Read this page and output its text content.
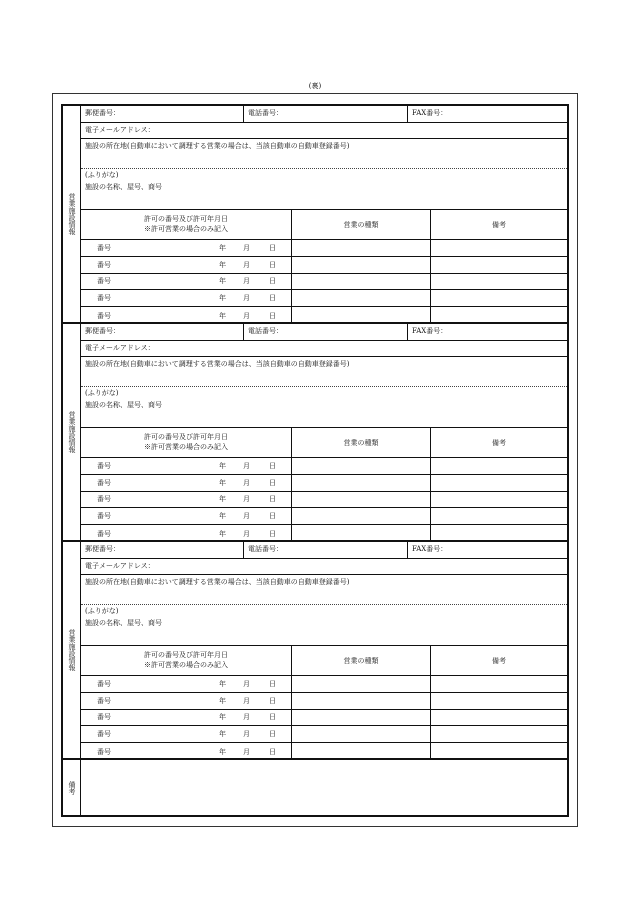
(裏)
営業施設情報
郵便番号：	電話番号：	FAX番号：
電子メールアドレス：
施設の所在地(自動車において調理する営業の場合は、当該自動車の自動車登録番号)
(ふりがな)
施設の名称、屋号、商号
許可の番号及び許可年月日
※許可営業の場合のみ記入	営業の種類	備考
番号	年 月	日
番号	年 月	日
番号	年 月	日
番号	年 月	日
番号	年 月	日
営業施設情報
郵便番号：	電話番号：	FAX番号：
電子メールアドレス：
施設の所在地(自動車において調理する営業の場合は、当該自動車の自動車登録番号)
(ふりがな)
施設の名称、屋号、商号
許可の番号及び許可年月日
※許可営業の場合のみ記入	営業の種類	備考
番号	年 月	日
番号	年 月	日
番号	年 月	日
番号	年 月	日
番号	年 月	日
営業施設情報
郵便番号：	電話番号：	FAX番号：
電子メールアドレス：
施設の所在地(自動車において調理する営業の場合は、当該自動車の自動車登録番号)
(ふりがな)
施設の名称、屋号、商号
許可の番号及び許可年月日
※許可営業の場合のみ記入	営業の種類	備考
番号	年 月	日
番号	年 月	日
番号	年 月	日
番号	年 月	日
番号	年 月	日
備考
